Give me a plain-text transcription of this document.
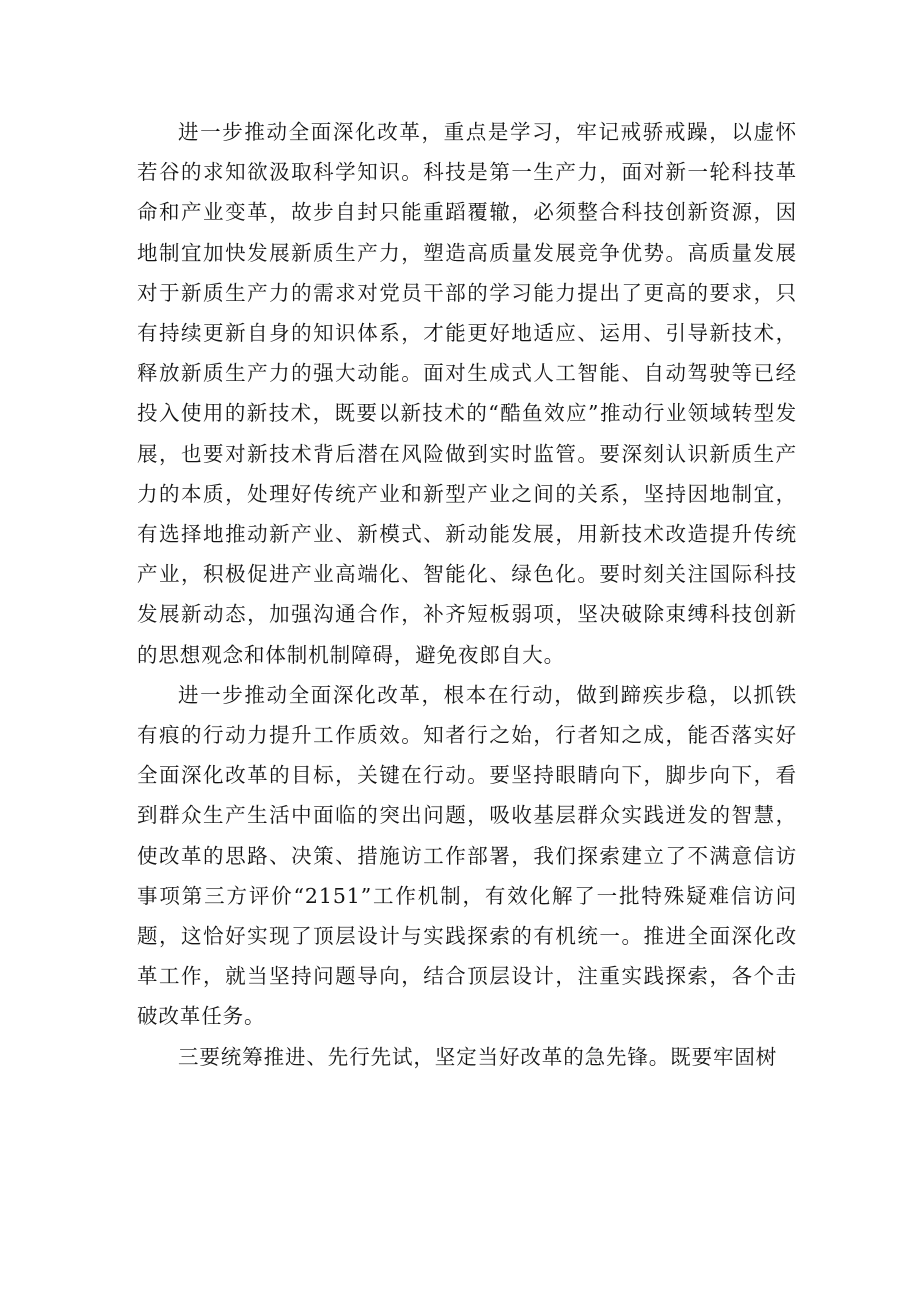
进一步推动全面深化改革，重点是学习，牢记戒骄戒躁，以虚怀若谷的求知欲汲取科学知识。科技是第一生产力，面对新一轮科技革命和产业变革，故步自封只能重蹈覆辙，必须整合科技创新资源，因地制宜加快发展新质生产力，塑造高质量发展竞争优势。高质量发展对于新质生产力的需求对党员干部的学习能力提出了更高的要求，只有持续更新自身的知识体系，才能更好地适应、运用、引导新技术，释放新质生产力的强大动能。面对生成式人工智能、自动驾驶等已经投入使用的新技术，既要以新技术的“酷鱼效应”推动行业领域转型发展，也要对新技术背后潜在风险做到实时监管。要深刻认识新质生产力的本质，处理好传统产业和新型产业之间的关系，坚持因地制宜，有选择地推动新产业、新模式、新动能发展，用新技术改造提升传统产业，积极促进产业高端化、智能化、绿色化。要时刻关注国际科技发展新动态，加强沟通合作，补齐短板弱项，坚决破除束缚科技创新的思想观念和体制机制障碍，避免夜郎自大。

进一步推动全面深化改革，根本在行动，做到蹄疾步稳，以抓铁有痕的行动力提升工作质效。知者行之始，行者知之成，能否落实好全面深化改革的目标，关键在行动。要坚持眼睛向下，脚步向下，看到群众生产生活中面临的突出问题，吸收基层群众实践迸发的智慧，使改革的思路、决策、措施访工作部署，我们探索建立了不满意信访事项第三方评价“2151”工作机制，有效化解了一批特殊疑难信访问题，这恰好实现了顶层设计与实践探索的有机统一。推进全面深化改革工作，就当坚持问题导向，结合顶层设计，注重实践探索，各个击破改革任务。

三要统筹推进、先行先试，坚定当好改革的急先锋。既要牢固树
